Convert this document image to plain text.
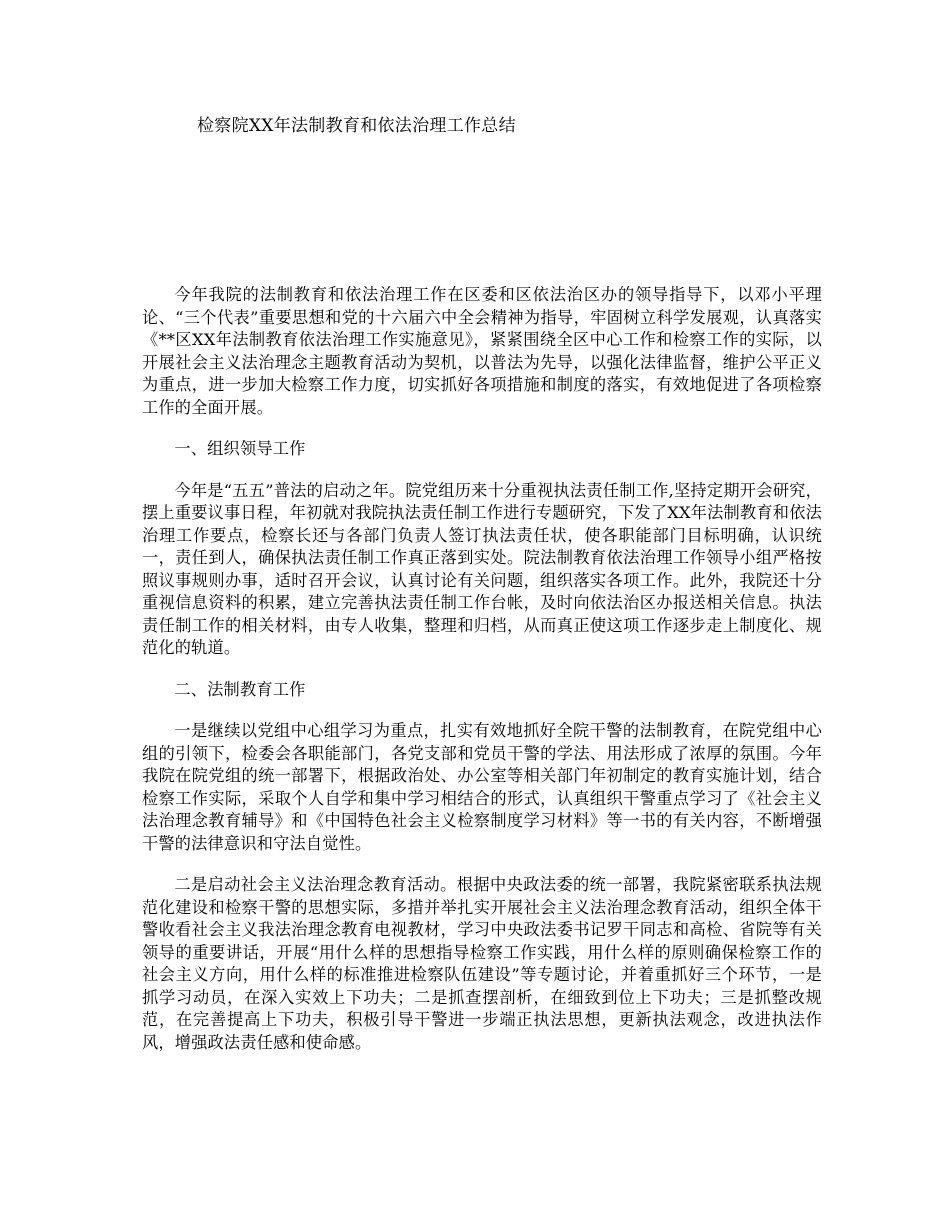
检察院XX年法制教育和依法治理工作总结

今年我院的法制教育和依法治理工作在区委和区依法治区办的领导指导下，以邓小平理论、“三个代表”重要思想和党的十六届六中全会精神为指导，牢固树立科学发展观，认真落实《**区XX年法制教育依法治理工作实施意见》，紧紧围绕全区中心工作和检察工作的实际，以开展社会主义法治理念主题教育活动为契机，以普法为先导，以强化法律监督，维护公平正义为重点，进一步加大检察工作力度，切实抓好各项措施和制度的落实，有效地促进了各项检察工作的全面开展。

一、组织领导工作

今年是“五五”普法的启动之年。院党组历来十分重视执法责任制工作,坚持定期开会研究，摆上重要议事日程，年初就对我院执法责任制工作进行专题研究，下发了XX年法制教育和依法治理工作要点，检察长还与各部门负责人签订执法责任状，使各职能部门目标明确，认识统一，责任到人，确保执法责任制工作真正落到实处。院法制教育依法治理工作领导小组严格按照议事规则办事，适时召开会议，认真讨论有关问题，组织落实各项工作。此外，我院还十分重视信息资料的积累，建立完善执法责任制工作台帐，及时向依法治区办报送相关信息。执法责任制工作的相关材料，由专人收集，整理和归档，从而真正使这项工作逐步走上制度化、规范化的轨道。

二、法制教育工作

一是继续以党组中心组学习为重点，扎实有效地抓好全院干警的法制教育，在院党组中心组的引领下，检委会各职能部门，各党支部和党员干警的学法、用法形成了浓厚的氛围。今年我院在院党组的统一部署下，根据政治处、办公室等相关部门年初制定的教育实施计划，结合检察工作实际，采取个人自学和集中学习相结合的形式，认真组织干警重点学习了《社会主义法治理念教育辅导》和《中国特色社会主义检察制度学习材料》等一书的有关内容，不断增强干警的法律意识和守法自觉性。

二是启动社会主义法治理念教育活动。根据中央政法委的统一部署，我院紧密联系执法规范化建设和检察干警的思想实际，多措并举扎实开展社会主义法治理念教育活动，组织全体干警收看社会主义我法治理念教育电视教材，学习中央政法委书记罗干同志和高检、省院等有关领导的重要讲话，开展“用什么样的思想指导检察工作实践，用什么样的原则确保检察工作的社会主义方向，用什么样的标准推进检察队伍建设”等专题讨论，并着重抓好三个环节，一是抓学习动员，在深入实效上下功夫；二是抓查摆剖析，在细致到位上下功夫；三是抓整改规范，在完善提高上下功夫，积极引导干警进一步端正执法思想，更新执法观念，改进执法作风，增强政法责任感和使命感。
